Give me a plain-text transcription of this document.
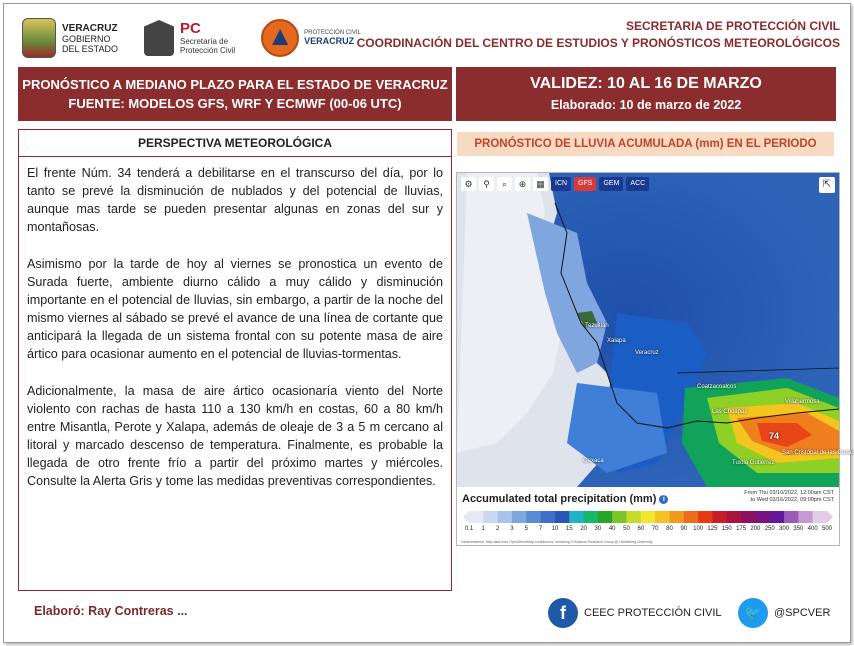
VERACRUZ
GOBIERNO
DEL ESTADO
PC
Secretaría de
Protección Civil
PROTECCIÓN CIVIL
VERACRUZ
SECRETARIA DE PROTECCIÓN CIVIL
COORDINACIÓN DEL CENTRO DE ESTUDIOS Y PRONÓSTICOS METEOROLÓGICOS
PRONÓSTICO A MEDIANO PLAZO PARA EL ESTADO DE VERACRUZ
FUENTE: MODELOS GFS, WRF Y ECMWF (00-06 UTC)
VALIDEZ: 10 AL 16 DE MARZO
Elaborado: 10 de marzo de 2022
PERSPECTIVA METEOROLÓGICA

El frente Núm. 34 tenderá a debilitarse en el transcurso del día, por lo tanto se prevé la disminución de nublados y del potencial de lluvias, aunque mas tarde se pueden presentar algunas en zonas del sur y montañosas.

Asimismo por la tarde de hoy al viernes se pronostica un evento de Surada fuerte, ambiente diurno cálido a muy cálido y disminución importante en el potencial de lluvias, sin embargo, a partir de la noche del mismo viernes al sábado se prevé el avance de una línea de cortante que anticipará la llegada de un sistema frontal con su potente masa de aire ártico para ocasionar aumento en el potencial de lluvias-tormentas.

Adicionalmente, la masa de aire ártico ocasionaría viento del Norte violento con rachas de hasta 110 a 130 km/h en costas, 60 a 80 km/h entre Misantla, Perote y Xalapa, además de oleaje de 3 a 5 m cercano al litoral y marcado descenso de temperatura. Finalmente, es probable la llegada de otro frente frío a partir del próximo martes y miércoles. Consulte la Alerta Gris y tome las medidas preventivas correspondientes.

PRONÓSTICO DE LLUVIA ACUMULADA (mm) EN EL PERIODO
⚙	⚲	⌕	⊕	▦	ICN	GFS	GEM	ACC	⇱
Tezuitlán
Xalapa
Veracruz
Oaxaca
Coatzacoalcos
Villahermosa
Las Choapas
San Cristóbal de las Casas
Tuxtla Gutiérrez
74
Accumulated total precipitation (mm) i
From Thu 03/10/2022, 12:00am CST
to Wed 03/16/2022, 09:00pm CST
0.1 1 2 3 5 7 10 15 20 30 40 50 60 70 80 90 100 125 150 175 200 250 300 350 400 500
Kartenmaterial: Map data from OpenStreetMap contributors, rendering GIScience Research Group @ Heidelberg University
Elaboró: Ray Contreras ...	f	CEEC PROTECCIÓN CIVIL	🐦	@SPCVER
